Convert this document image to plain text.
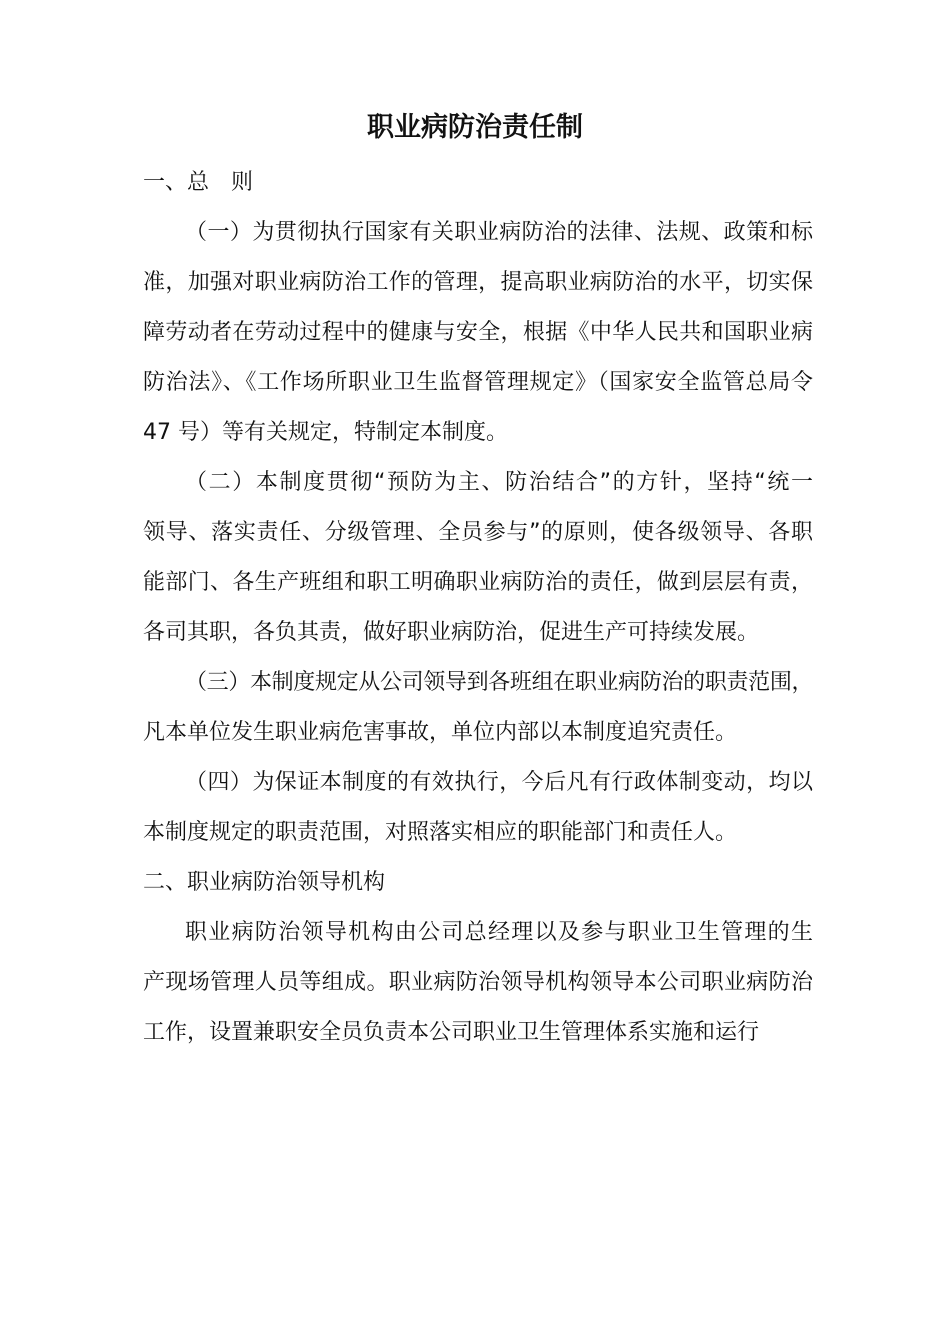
职业病防治责任制

一、总　则

（一）为贯彻执行国家有关职业病防治的法律、法规、政策和标
准，加强对职业病防治工作的管理，提高职业病防治的水平，切实保
障劳动者在劳动过程中的健康与安全，根据《中华人民共和国职业病
防治法》、《工作场所职业卫生监督管理规定》（国家安全监管总局令
47 号）等有关规定，特制定本制度。
（二）本制度贯彻“预防为主、防治结合”的方针，坚持“统一
领导、落实责任、分级管理、全员参与”的原则，使各级领导、各职
能部门、各生产班组和职工明确职业病防治的责任，做到层层有责，
各司其职，各负其责，做好职业病防治，促进生产可持续发展。
（三）本制度规定从公司领导到各班组在职业病防治的职责范围，
凡本单位发生职业病危害事故，单位内部以本制度追究责任。
（四）为保证本制度的有效执行，今后凡有行政体制变动，均以
本制度规定的职责范围，对照落实相应的职能部门和责任人。

二、职业病防治领导机构

职业病防治领导机构由公司总经理以及参与职业卫生管理的生
产现场管理人员等组成。职业病防治领导机构领导本公司职业病防治
工作，设置兼职安全员负责本公司职业卫生管理体系实施和运行
